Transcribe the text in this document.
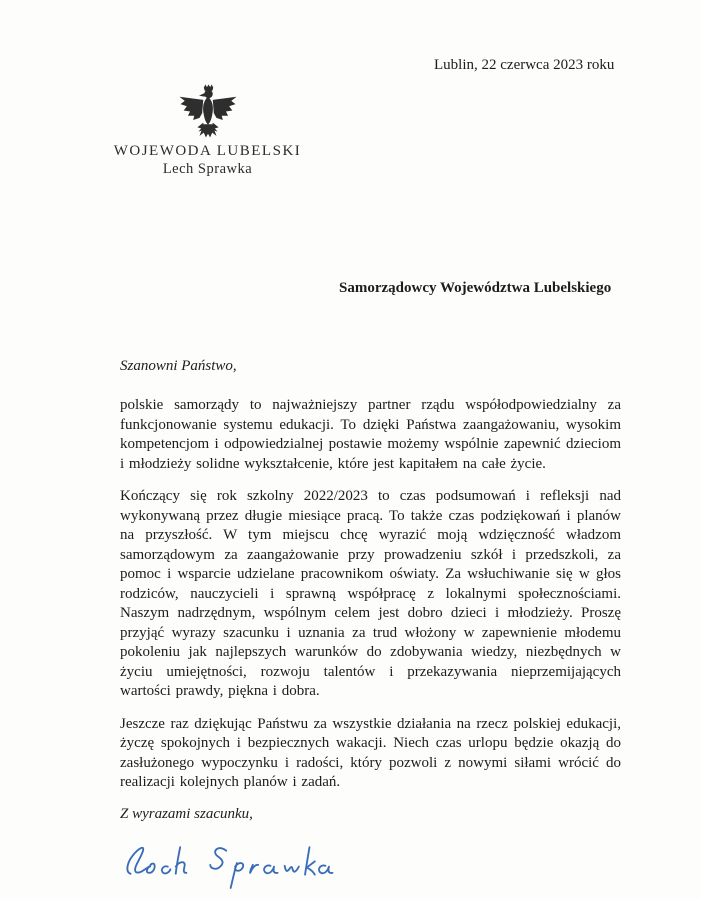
Lublin, 22 czerwca 2023 roku
WOJEWODA LUBELSKI
Lech Sprawka
Samorządowcy Województwa Lubelskiego
Szanowni Państwo,

polskie samorządy to najważniejszy partner rządu współodpowiedzialny za funkcjonowanie systemu edukacji. To dzięki Państwa zaangażowaniu, wysokim kompetencjom i odpowiedzialnej postawie możemy wspólnie zapewnić dzieciom i młodzieży solidne wykształcenie, które jest kapitałem na całe życie.

Kończący się rok szkolny 2022/2023 to czas podsumowań i refleksji nad wykonywaną przez długie miesiące pracą. To także czas podziękowań i planów na przyszłość. W tym miejscu chcę wyrazić moją wdzięczność władzom samorządowym za zaangażowanie przy prowadzeniu szkół i przedszkoli, za pomoc i wsparcie udzielane pracownikom oświaty. Za wsłuchiwanie się w głos rodziców, nauczycieli i sprawną współpracę z lokalnymi społecznościami. Naszym nadrzędnym, wspólnym celem jest dobro dzieci i młodzieży. Proszę przyjąć wyrazy szacunku i uznania za trud włożony w zapewnienie młodemu pokoleniu jak najlepszych warunków do zdobywania wiedzy, niezbędnych w życiu umiejętności, rozwoju talentów i przekazywania nieprzemijających wartości prawdy, piękna i dobra.

Jeszcze raz dziękując Państwu za wszystkie działania na rzecz polskiej edukacji, życzę spokojnych i bezpiecznych wakacji. Niech czas urlopu będzie okazją do zasłużonego wypoczynku i radości, który pozwoli z nowymi siłami wrócić do realizacji kolejnych planów i zadań.

Z wyrazami szacunku,
